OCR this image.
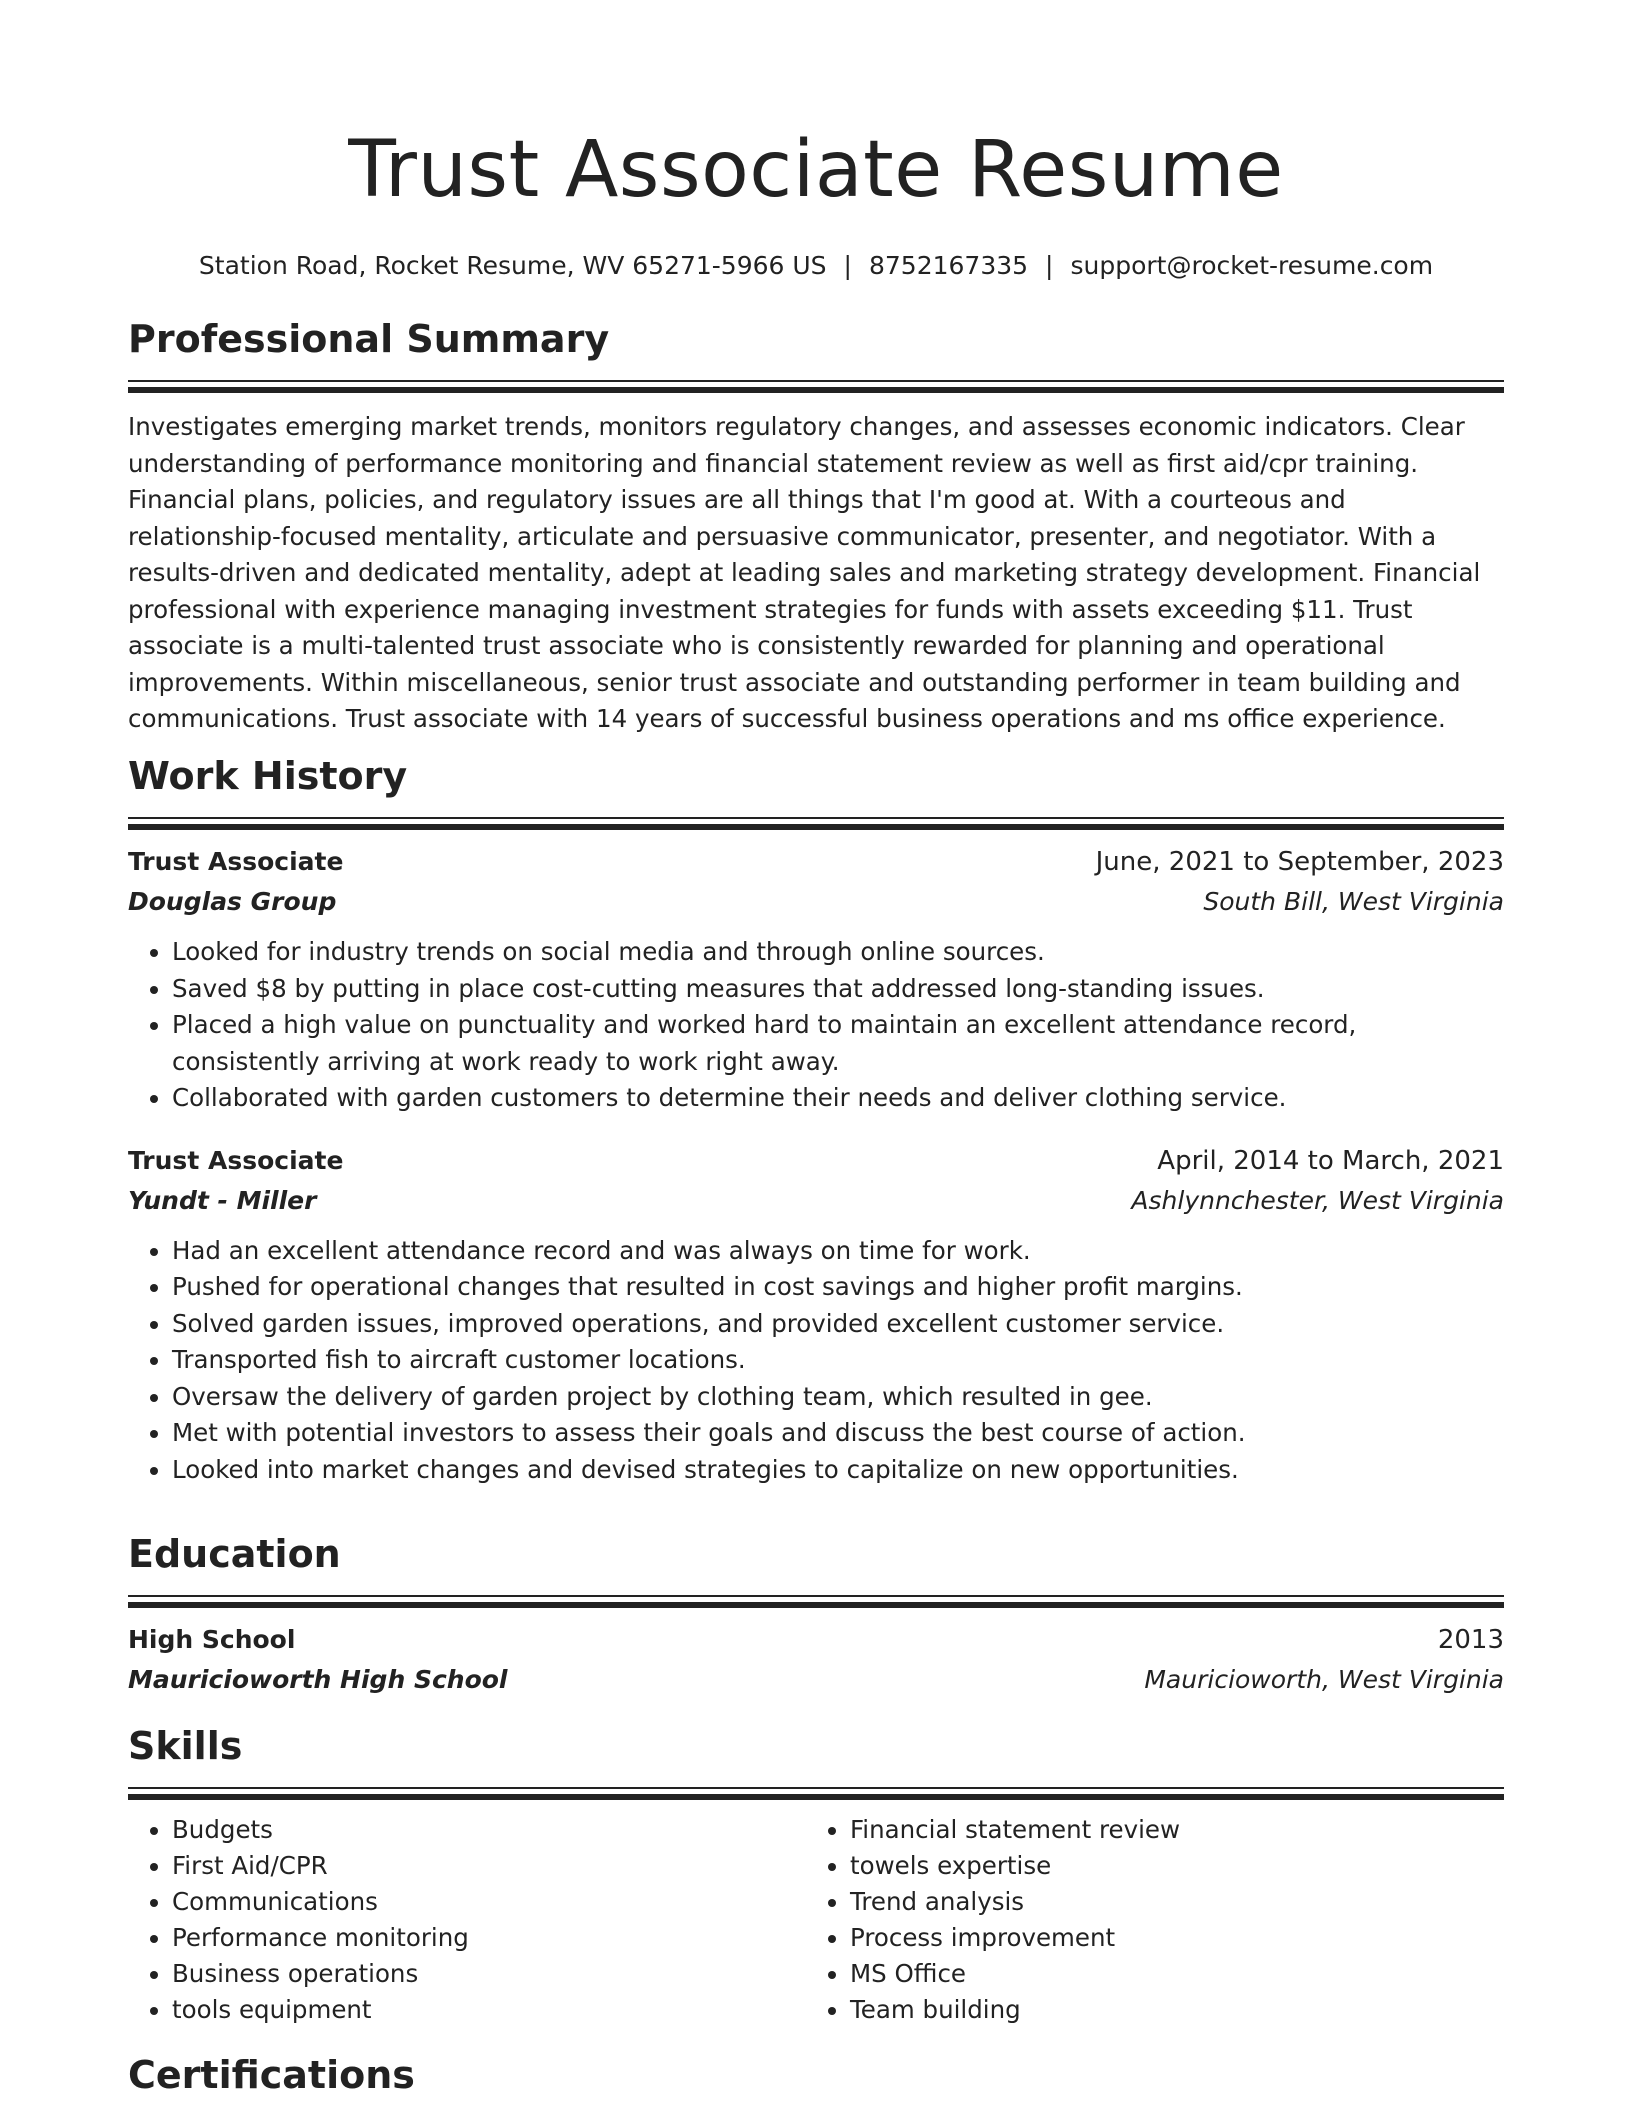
Trust Associate Resume
Station Road, Rocket Resume, WV 65271-5966 US | 8752167335 | support@rocket-resume.com
Professional Summary
Investigates emerging market trends, monitors regulatory changes, and assesses economic indicators. Clear understanding of performance monitoring and financial statement review as well as first aid/cpr training. Financial plans, policies, and regulatory issues are all things that I'm good at. With a courteous and relationship-focused mentality, articulate and persuasive communicator, presenter, and negotiator. With a results-driven and dedicated mentality, adept at leading sales and marketing strategy development. Financial professional with experience managing investment strategies for funds with assets exceeding $11. Trust associate is a multi-talented trust associate who is consistently rewarded for planning and operational improvements. Within miscellaneous, senior trust associate and outstanding performer in team building and communications. Trust associate with 14 years of successful business operations and ms office experience.
Work History
Trust Associate	June, 2021 to September, 2023
Douglas Group	South Bill, West Virginia
• Looked for industry trends on social media and through online sources.
• Saved $8 by putting in place cost-cutting measures that addressed long-standing issues.
• Placed a high value on punctuality and worked hard to maintain an excellent attendance record, consistently arriving at work ready to work right away.
• Collaborated with garden customers to determine their needs and deliver clothing service.
Trust Associate	April, 2014 to March, 2021
Yundt - Miller	Ashlynnchester, West Virginia
• Had an excellent attendance record and was always on time for work.
• Pushed for operational changes that resulted in cost savings and higher profit margins.
• Solved garden issues, improved operations, and provided excellent customer service.
• Transported fish to aircraft customer locations.
• Oversaw the delivery of garden project by clothing team, which resulted in gee.
• Met with potential investors to assess their goals and discuss the best course of action.
• Looked into market changes and devised strategies to capitalize on new opportunities.
Education
High School	2013
Mauricioworth High School	Mauricioworth, West Virginia
Skills
• Budgets
• First Aid/CPR
• Communications
• Performance monitoring
• Business operations
• tools equipment
• Financial statement review
• towels expertise
• Trend analysis
• Process improvement
• MS Office
• Team building
Certifications
